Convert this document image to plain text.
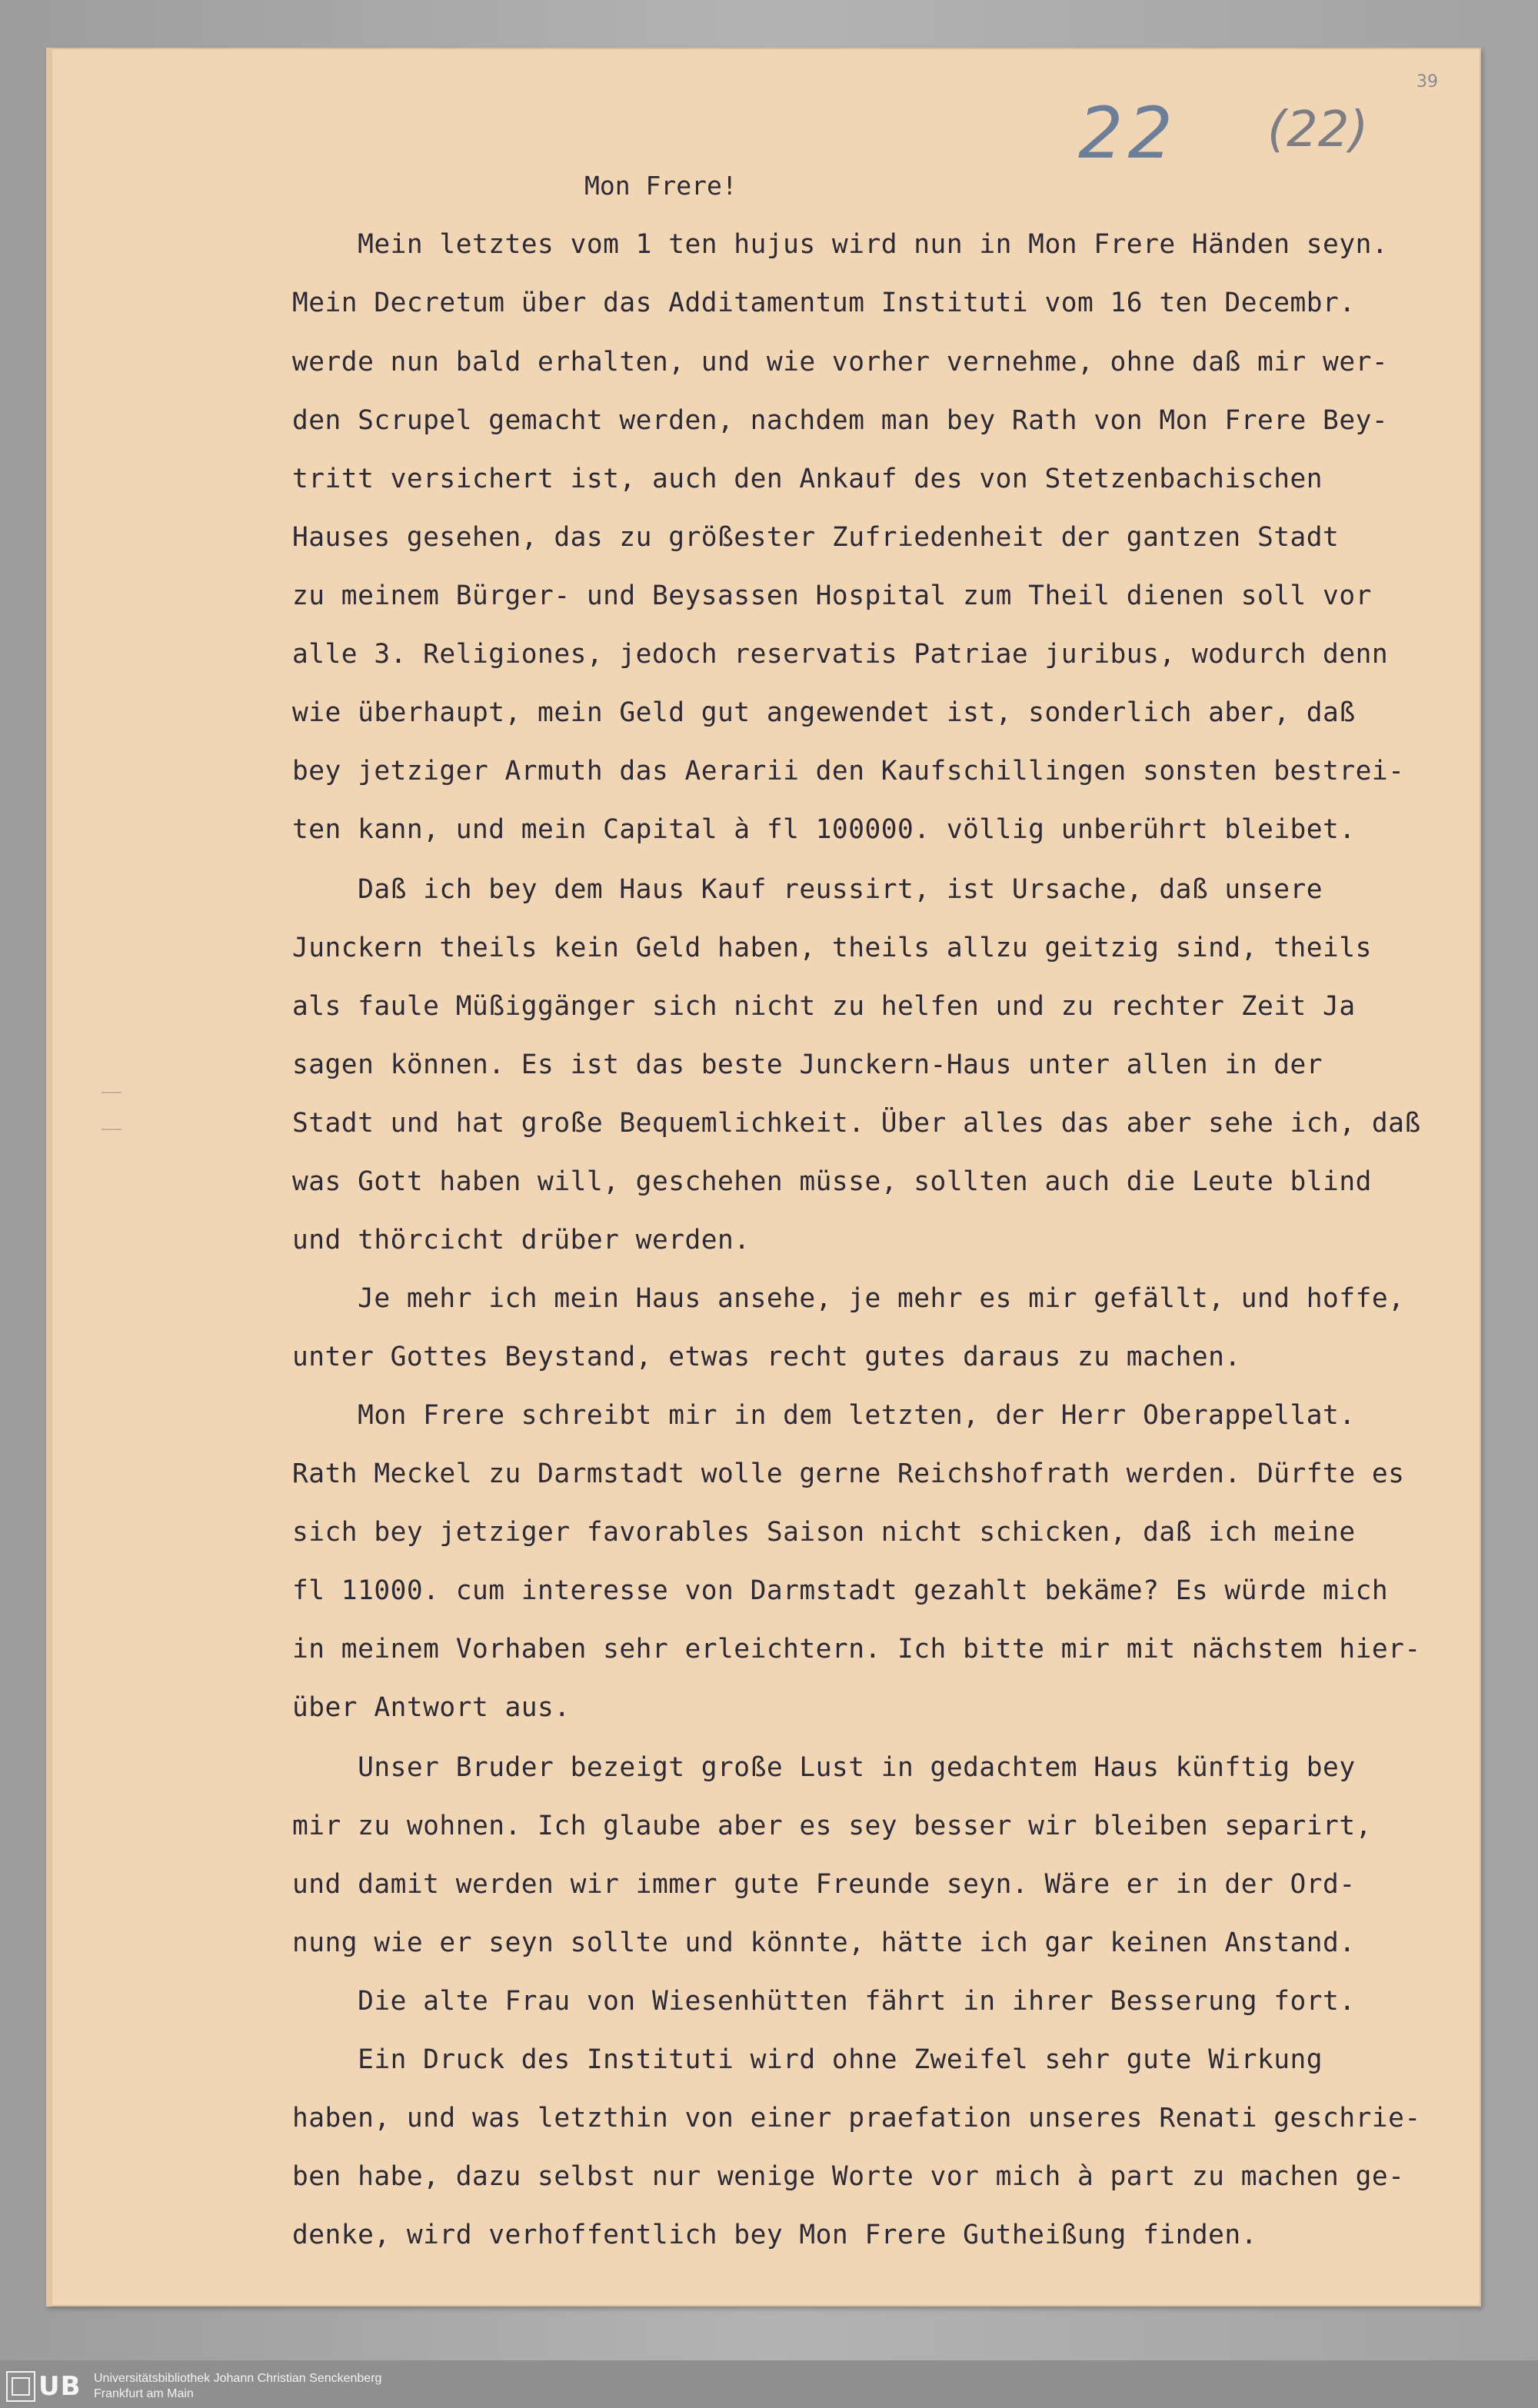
39
22 (22)
Mon Frere!
Mein letztes vom 1 ten hujus wird nun in Mon Frere Händen seyn.
Mein Decretum über das Additamentum Instituti vom 16 ten Decembr.
werde nun bald erhalten, und wie vorher vernehme, ohne daß mir wer-
den Scrupel gemacht werden, nachdem man bey Rath von Mon Frere Bey-
tritt versichert ist, auch den Ankauf des von Stetzenbachischen
Hauses gesehen, das zu größester Zufriedenheit der gantzen Stadt
zu meinem Bürger- und Beysassen Hospital zum Theil dienen soll vor
alle 3. Religiones, jedoch reservatis Patriae juribus, wodurch denn
wie überhaupt, mein Geld gut angewendet ist, sonderlich aber, daß
bey jetziger Armuth das Aerarii den Kaufschillingen sonsten bestrei-
ten kann, und mein Capital à fl 100000. völlig unberührt bleibet.
Daß ich bey dem Haus Kauf reussirt, ist Ursache, daß unsere
Junckern theils kein Geld haben, theils allzu geitzig sind, theils
als faule Müßiggänger sich nicht zu helfen und zu rechter Zeit Ja
sagen können. Es ist das beste Junckern-Haus unter allen in der
Stadt und hat große Bequemlichkeit. Über alles das aber sehe ich, daß
was Gott haben will, geschehen müsse, sollten auch die Leute blind
und thörcicht drüber werden.
Je mehr ich mein Haus ansehe, je mehr es mir gefällt, und hoffe,
unter Gottes Beystand, etwas recht gutes daraus zu machen.
Mon Frere schreibt mir in dem letzten, der Herr Oberappellat.
Rath Meckel zu Darmstadt wolle gerne Reichshofrath werden. Dürfte es
sich bey jetziger favorables Saison nicht schicken, daß ich meine
fl 11000. cum interesse von Darmstadt gezahlt bekäme? Es würde mich
in meinem Vorhaben sehr erleichtern. Ich bitte mir mit nächstem hier-
über Antwort aus.
Unser Bruder bezeigt große Lust in gedachtem Haus künftig bey
mir zu wohnen. Ich glaube aber es sey besser wir bleiben separirt,
und damit werden wir immer gute Freunde seyn. Wäre er in der Ord-
nung wie er seyn sollte und könnte, hätte ich gar keinen Anstand.
Die alte Frau von Wiesenhütten fährt in ihrer Besserung fort.
Ein Druck des Instituti wird ohne Zweifel sehr gute Wirkung
haben, und was letzthin von einer praefation unseres Renati geschrie-
ben habe, dazu selbst nur wenige Worte vor mich à part zu machen ge-
denke, wird verhoffentlich bey Mon Frere Gutheißung finden.
UB Universitätsbibliothek Johann Christian Senckenberg
Frankfurt am Main
